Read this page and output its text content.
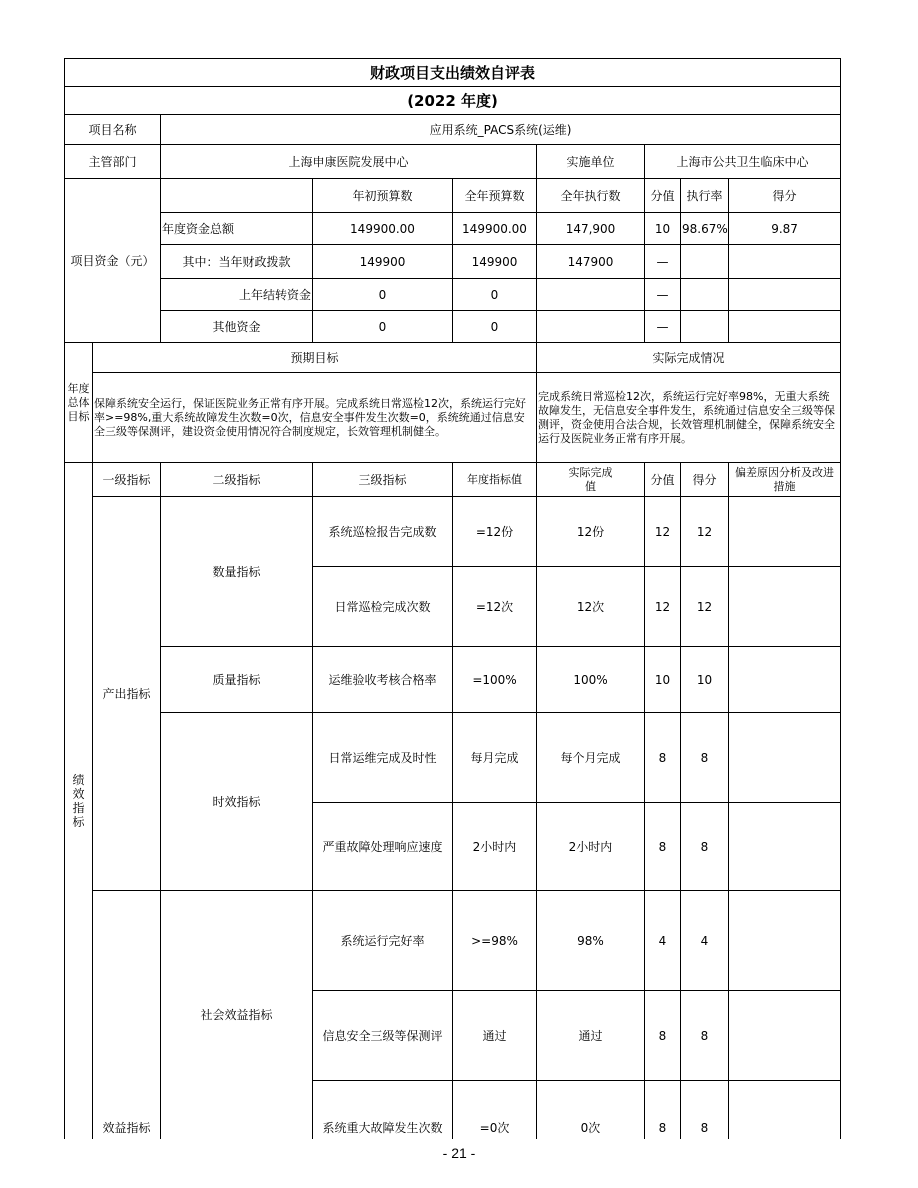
财政项目支出绩效自评表								
(2022 年度)								
项目名称		应用系统_PACS系统(运维)						
主管部门		上海申康医院发展中心			实施单位	上海市公共卫生临床中心		
项目资金（元）			年初预算数	全年预算数	全年执行数	分值	执行率	得分
		年度资金总额	149900.00	149900.00	147,900	10	98.67%	9.87
		其中：当年财政拨款	149900	149900	147900	—		
		上年结转资金	0	0		—		
		其他资金	0	0		—		
年度总体目标	预期目标				实际完成情况			
	保障系统安全运行，保证医院业务正常有序开展。完成系统日常巡检12次，系统运行完好率>=98%,重大系统故障发生次数=0次，信息安全事件发生次数=0，系统统通过信息安全三级等保测评，建设资金使用情况符合制度规定，长效管理机制健全。				完成系统日常巡检12次，系统运行完好率98%，无重大系统故障发生，无信息安全事件发生，系统通过信息安全三级等保测评，资金使用合法合规，长效管理机制健全，保障系统安全运行及医院业务正常有序开展。			
绩效指标	一级指标	二级指标	三级指标	年度指标值	实际完成值	分值	得分	偏差原因分析及改进措施
	产出指标	数量指标	系统巡检报告完成数	=12份	12份	12	12	
			日常巡检完成次数	=12次	12次	12	12	
		质量指标	运维验收考核合格率	=100%	100%	10	10	
		时效指标	日常运维完成及时性	每月完成	每个月完成	8	8	
			严重故障处理响应速度	2小时内	2小时内	8	8	
	效益指标	社会效益指标	系统运行完好率	>=98%	98%	4	4	
			信息安全三级等保测评	通过	通过	8	8	
			系统重大故障发生次数	=0次	0次	8	8	
- 21 -
